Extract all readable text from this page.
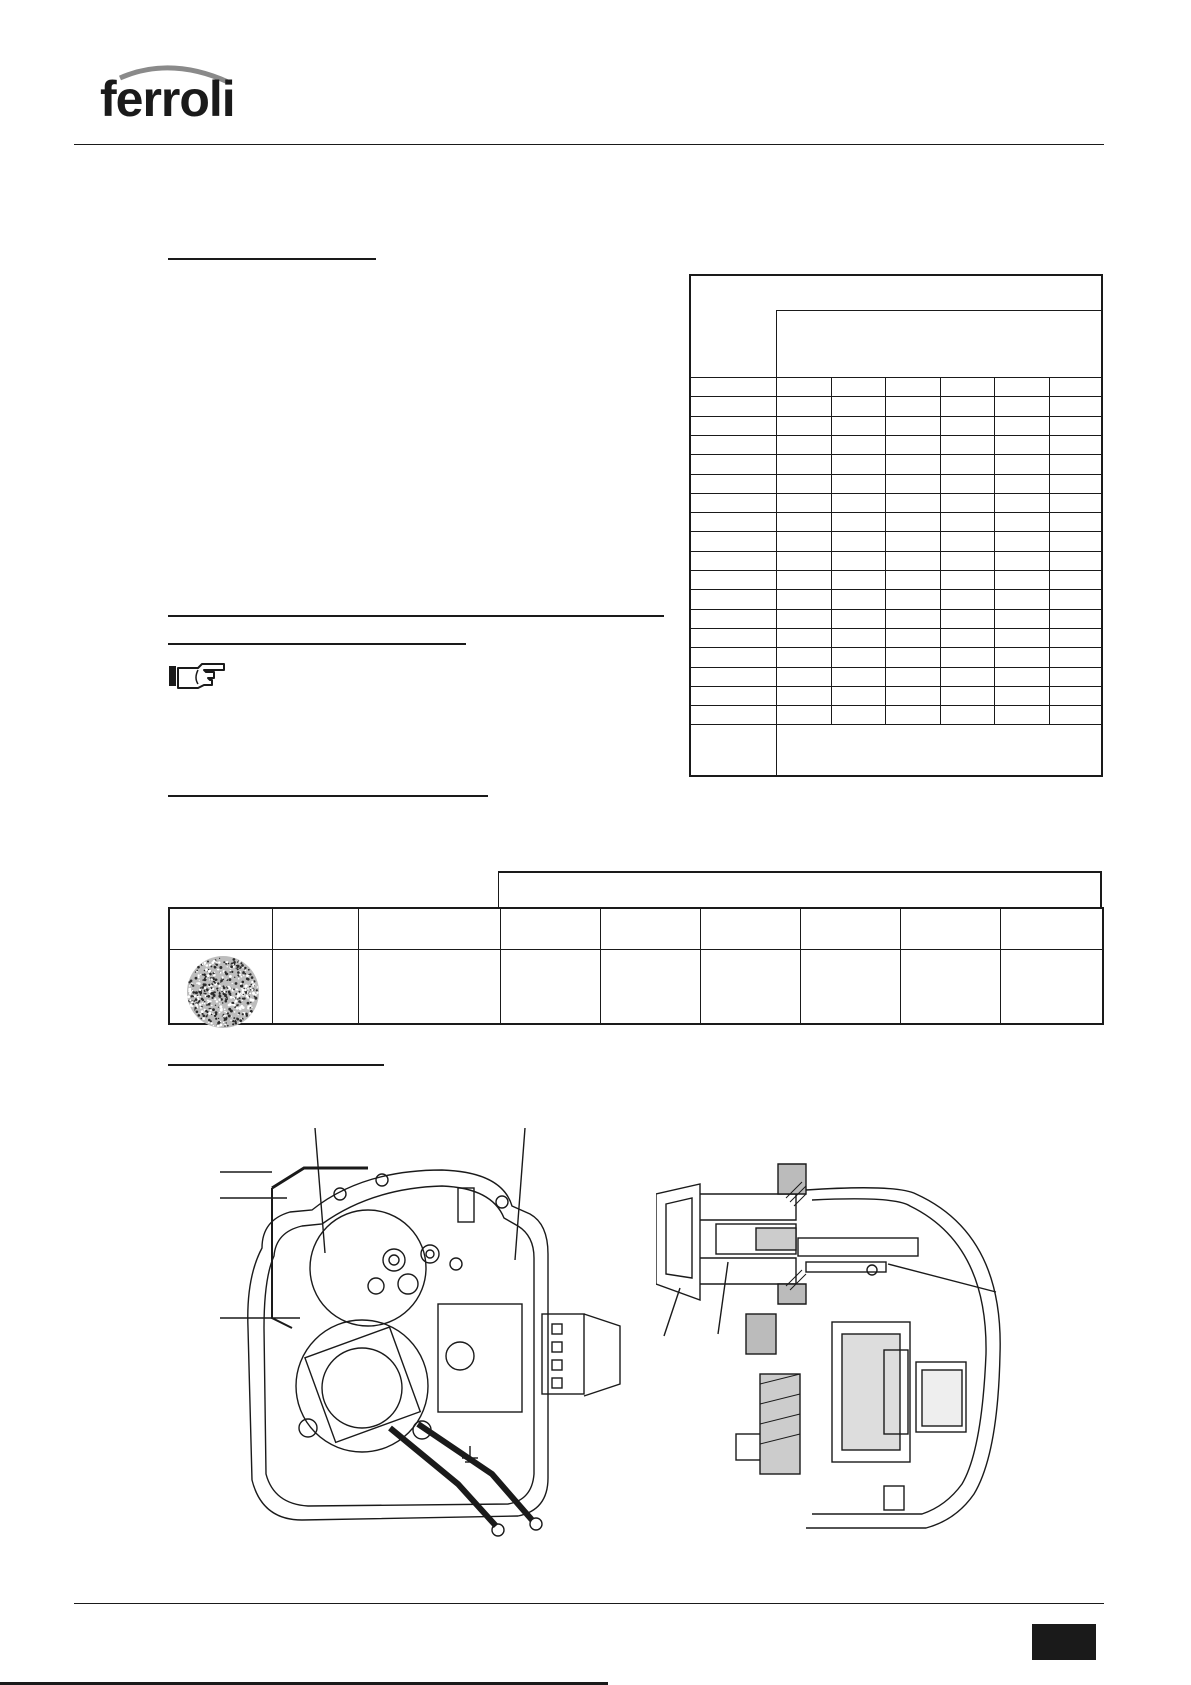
ferroli
